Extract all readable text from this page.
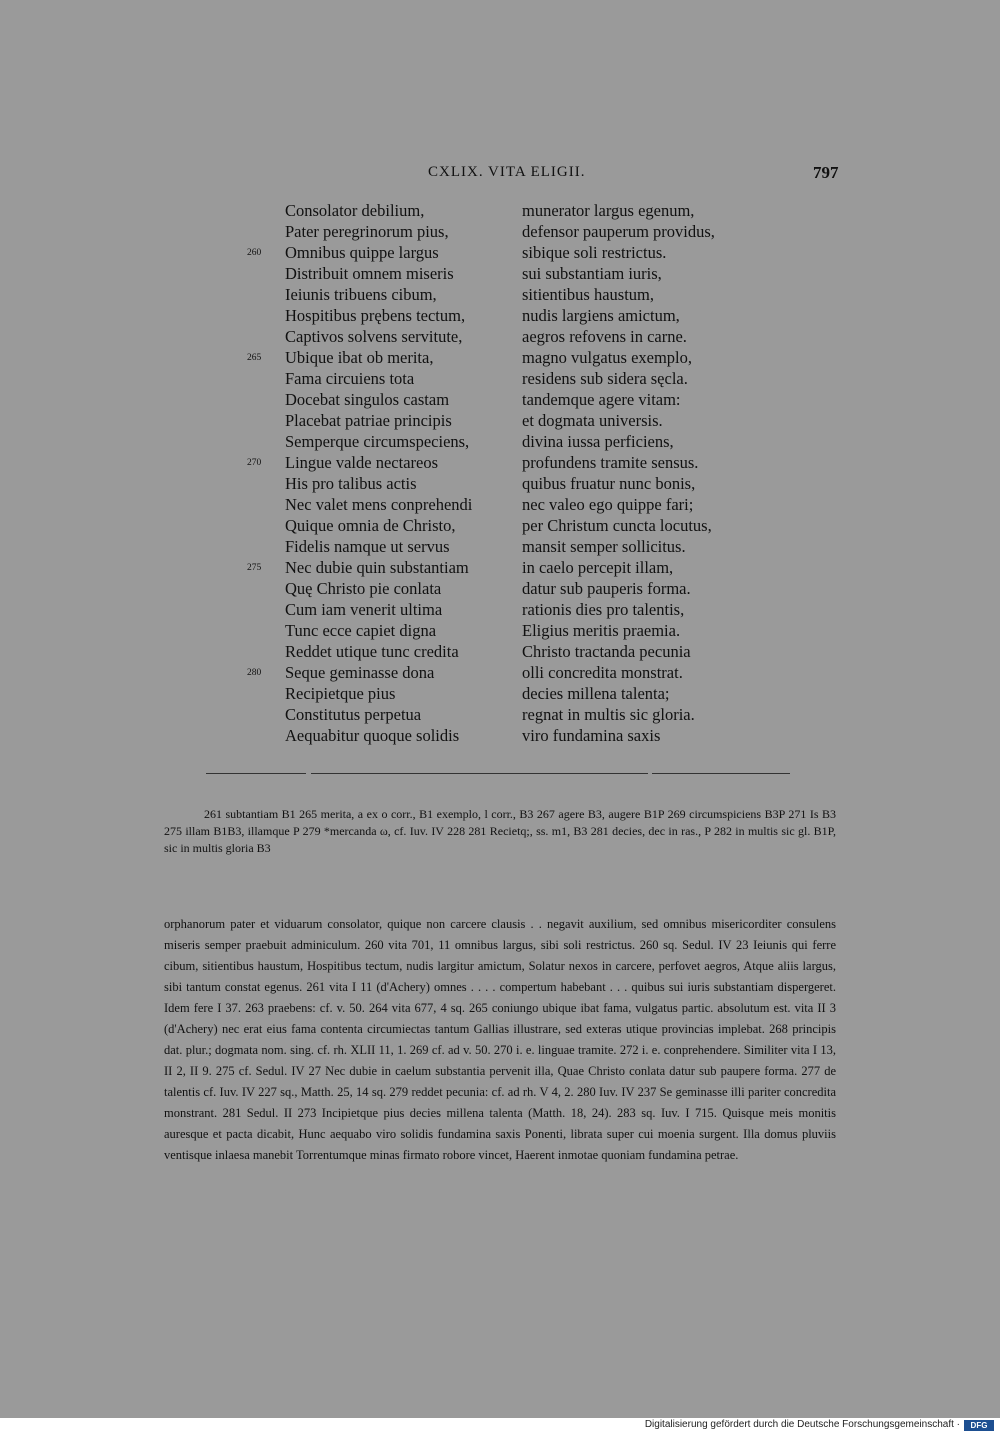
CXLIX. VITA ELIGII.	797
Consolator debilium,	munerator largus egenum,
Pater peregrinorum pius,	defensor pauperum providus,
260 Omnibus quippe largus	sibique soli restrictus.
Distribuit omnem miseris	sui substantiam iuris,
Ieiunis tribuens cibum,	sitientibus haustum,
Hospitibus prębens tectum,	nudis largiens amictum,
Captivos solvens servitute,	aegros refovens in carne.
265 Ubique ibat ob merita,	magno vulgatus exemplo,
Fama circuiens tota	residens sub sidera sęcla.
Docebat singulos castam	tandemque agere vitam:
Placebat patriae principis	et dogmata universis.
Semperque circumspeciens,	divina iussa perficiens,
270 Lingue valde nectareos	profundens tramite sensus.
His pro talibus actis	quibus fruatur nunc bonis,
Nec valet mens conprehendi	nec valeo ego quippe fari;
Quique omnia de Christo,	per Christum cuncta locutus,
Fidelis namque ut servus	mansit semper sollicitus.
275 Nec dubie quin substantiam	in caelo percepit illam,
Quę Christo pie conlata	datur sub pauperis forma.
Cum iam venerit ultima	rationis dies pro talentis,
Tunc ecce capiet digna	Eligius meritis praemia.
Reddet utique tunc credita	Christo tractanda pecunia
280 Seque geminasse dona	olli concredita monstrat.
Recipietque pius	decies millena talenta;
Constitutus perpetua	regnat in multis sic gloria.
Aequabitur quoque solidis	viro fundamina saxis

261 subtantiam B1 265 merita, a ex o corr., B1 exemplo, l corr., B3 267 agere B3, augere B1P 269 circumspiciens B3P 271 Is B3 275 illam B1B3, illamque P 279 *mercanda ω, cf. Iuv. IV 228 281 Recietq;, ss. m1, B3 281 decies, dec in ras., P 282 in multis sic gl. B1P, sic in multis gloria B3

orphanorum pater et viduarum consolator, quique non carcere clausis . . negavit auxilium, sed omnibus misericorditer consulens miseris semper praebuit adminiculum. 260 vita 701, 11 omnibus largus, sibi soli restrictus. 260 sq. Sedul. IV 23 Ieiunis qui ferre cibum, sitientibus haustum, Hospitibus tectum, nudis largitur amictum, Solatur nexos in carcere, perfovet aegros, Atque aliis largus, sibi tantum constat egenus. 261 vita I 11 (d'Achery) omnes . . . . compertum habebant . . . quibus sui iuris substantiam dispergeret. Idem fere I 37. 263 praebens: cf. v. 50. 264 vita 677, 4 sq. 265 coniungo ubique ibat fama, vulgatus partic. absolutum est. vita II 3 (d'Achery) nec erat eius fama contenta circumiectas tantum Gallias illustrare, sed exteras utique provincias implebat. 268 principis dat. plur.; dogmata nom. sing. cf. rh. XLII 11, 1. 269 cf. ad v. 50. 270 i. e. linguae tramite. 272 i. e. conprehendere. Similiter vita I 13, II 2, II 9. 275 cf. Sedul. IV 27 Nec dubie in caelum substantia pervenit illa, Quae Christo conlata datur sub paupere forma. 277 de talentis cf. Iuv. IV 227 sq., Matth. 25, 14 sq. 279 reddet pecunia: cf. ad rh. V 4, 2. 280 Iuv. IV 237 Se geminasse illi pariter concredita monstrant. 281 Sedul. II 273 Incipietque pius decies millena talenta (Matth. 18, 24). 283 sq. Iuv. I 715. Quisque meis monitis auresque et pacta dicabit, Hunc aequabo viro solidis fundamina saxis Ponenti, librata super cui moenia surgent. Illa domus pluviis ventisque inlaesa manebit Torrentumque minas firmato robore vincet, Haerent inmotae quoniam fundamina petrae.

Digitalisierung gefördert durch die Deutsche Forschungsgemeinschaft ·	DFG
